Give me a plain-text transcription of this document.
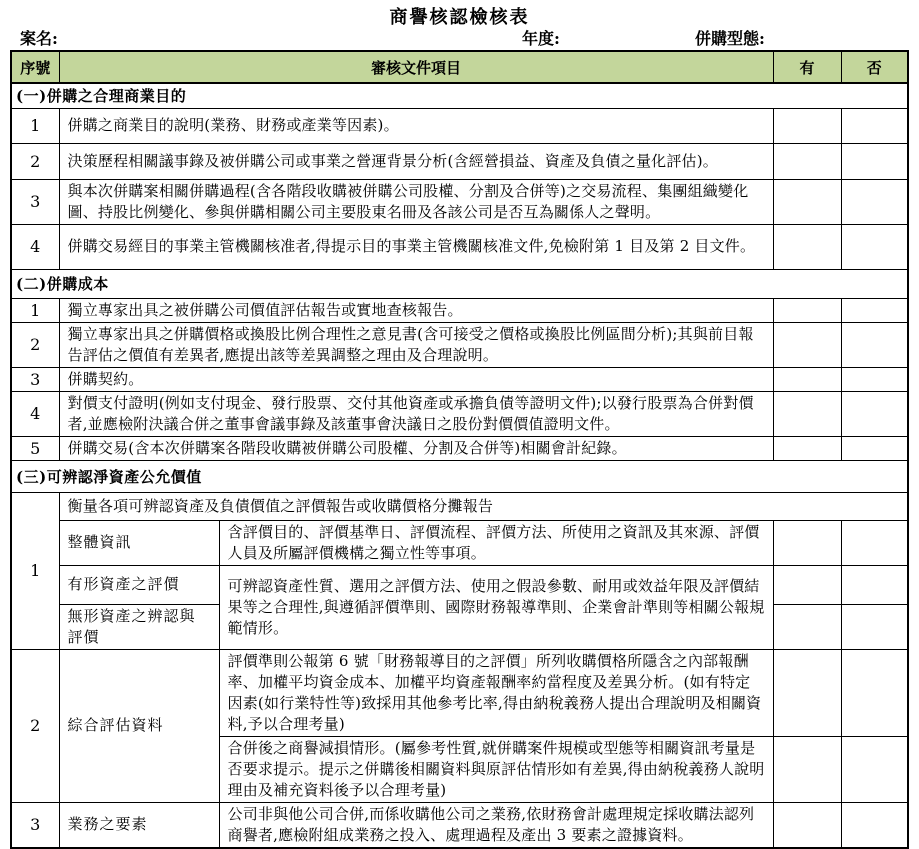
商譽核認檢核表
案名:	年度:	併購型態:
序號	審核文件項目		有	否
(一)併購之合理商業目的				
1	併購之商業目的說明(業務、財務或產業等因素)。			
2	決策歷程相關議事錄及被併購公司或事業之營運背景分析(含經營損益、資產及負債之量化評估)。			
3	與本次併購案相關併購過程(含各階段收購被併購公司股權、分割及合併等)之交易流程、集團組織變化圖、持股比例變化、參與併購相關公司主要股東名冊及各該公司是否互為關係人之聲明。			
4	併購交易經目的事業主管機關核准者,得提示目的事業主管機關核准文件,免檢附第 1 目及第 2 目文件。			
(二)併購成本				
1	獨立專家出具之被併購公司價值評估報告或實地查核報告。			
2	獨立專家出具之併購價格或換股比例合理性之意見書(含可接受之價格或換股比例區間分析);其與前目報告評估之價值有差異者,應提出該等差異調整之理由及合理說明。			
3	併購契約。			
4	對價支付證明(例如支付現金、發行股票、交付其他資產或承擔負債等證明文件);以發行股票為合併對價者,並應檢附決議合併之董事會議事錄及該董事會決議日之股份對價價值證明文件。			
5	併購交易(含本次併購案各階段收購被併購公司股權、分割及合併等)相關會計紀錄。			
(三)可辨認淨資產公允價值				
1	衡量各項可辨認資產及負債價值之評價報告或收購價格分攤報告			
	整體資訊	含評價目的、評價基準日、評價流程、評價方法、所使用之資訊及其來源、評價人員及所屬評價機構之獨立性等事項。		
	有形資產之評價	可辨認資產性質、選用之評價方法、使用之假設參數、耐用或效益年限及評價結果等之合理性,與遵循評價準則、國際財務報導準則、企業會計準則等相關公報規範情形。		
	無形資產之辨認與評價			
2	綜合評估資料	評價準則公報第 6 號「財務報導目的之評價」所列收購價格所隱含之內部報酬率、加權平均資金成本、加權平均資產報酬率約當程度及差異分析。(如有特定因素(如行業特性等)致採用其他參考比率,得由納稅義務人提出合理說明及相關資料,予以合理考量)		
		合併後之商譽減損情形。(屬參考性質,就併購案件規模或型態等相關資訊考量是否要求提示。提示之併購後相關資料與原評估情形如有差異,得由納稅義務人說明理由及補充資料後予以合理考量)		
3	業務之要素	公司非與他公司合併,而係收購他公司之業務,依財務會計處理規定採收購法認列商譽者,應檢附組成業務之投入、處理過程及產出 3 要素之證據資料。		
